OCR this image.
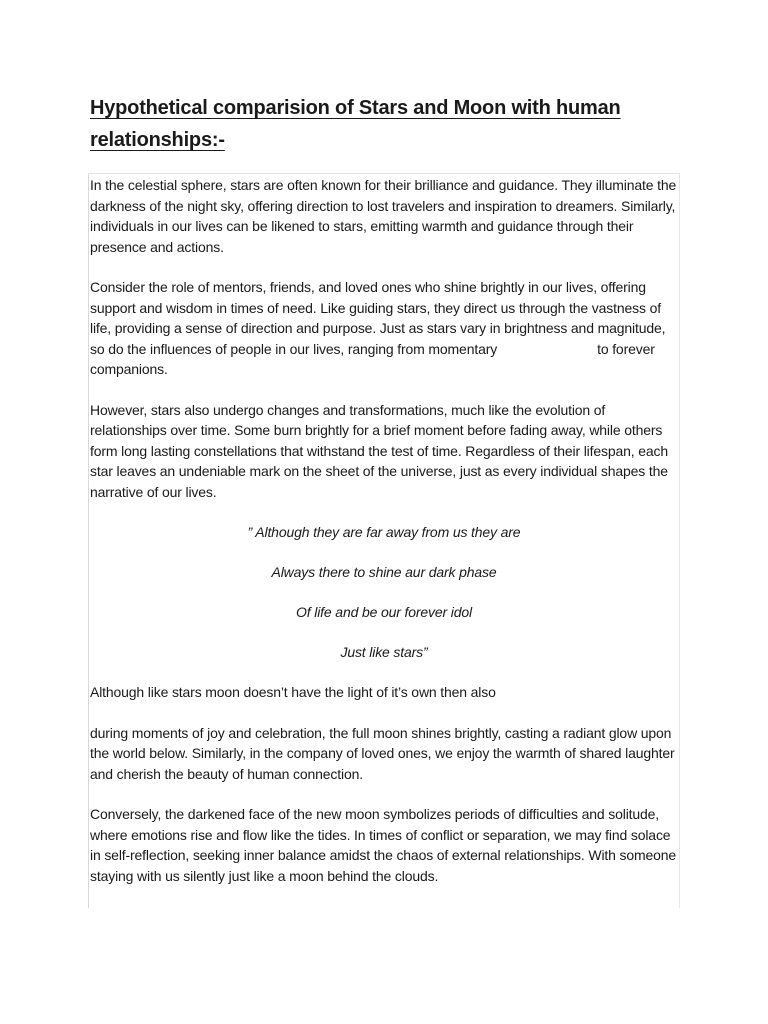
Hypothetical comparision of Stars and Moon with human relationships:-

In the celestial sphere, stars are often known for their brilliance and guidance. They illuminate the darkness of the night sky, offering direction to lost travelers and inspiration to dreamers. Similarly, individuals in our lives can be likened to stars, emitting warmth and guidance through their presence and actions.

Consider the role of mentors, friends, and loved ones who shine brightly in our lives, offering support and wisdom in times of need. Like guiding stars, they direct us through the vastness of life, providing a sense of direction and purpose. Just as stars vary in brightness and magnitude, so do the influences of people in our lives, ranging from momentary	to forever companions.

However, stars also undergo changes and transformations, much like the evolution of relationships over time. Some burn brightly for a brief moment before fading away, while others form long lasting constellations that withstand the test of time. Regardless of their lifespan, each star leaves an undeniable mark on the sheet of the universe, just as every individual shapes the narrative of our lives.

” Although they are far away from us they are

Always there to shine aur dark phase

Of life and be our forever idol

Just like stars”

Although like stars moon doesn’t have the light of it’s own then also

during moments of joy and celebration, the full moon shines brightly, casting a radiant glow upon the world below. Similarly, in the company of loved ones, we enjoy the warmth of shared laughter and cherish the beauty of human connection.

Conversely, the darkened face of the new moon symbolizes periods of difficulties and solitude, where emotions rise and flow like the tides. In times of conflict or separation, we may find solace in self-reflection, seeking inner balance amidst the chaos of external relationships. With someone staying with us silently just like a moon behind the clouds.
